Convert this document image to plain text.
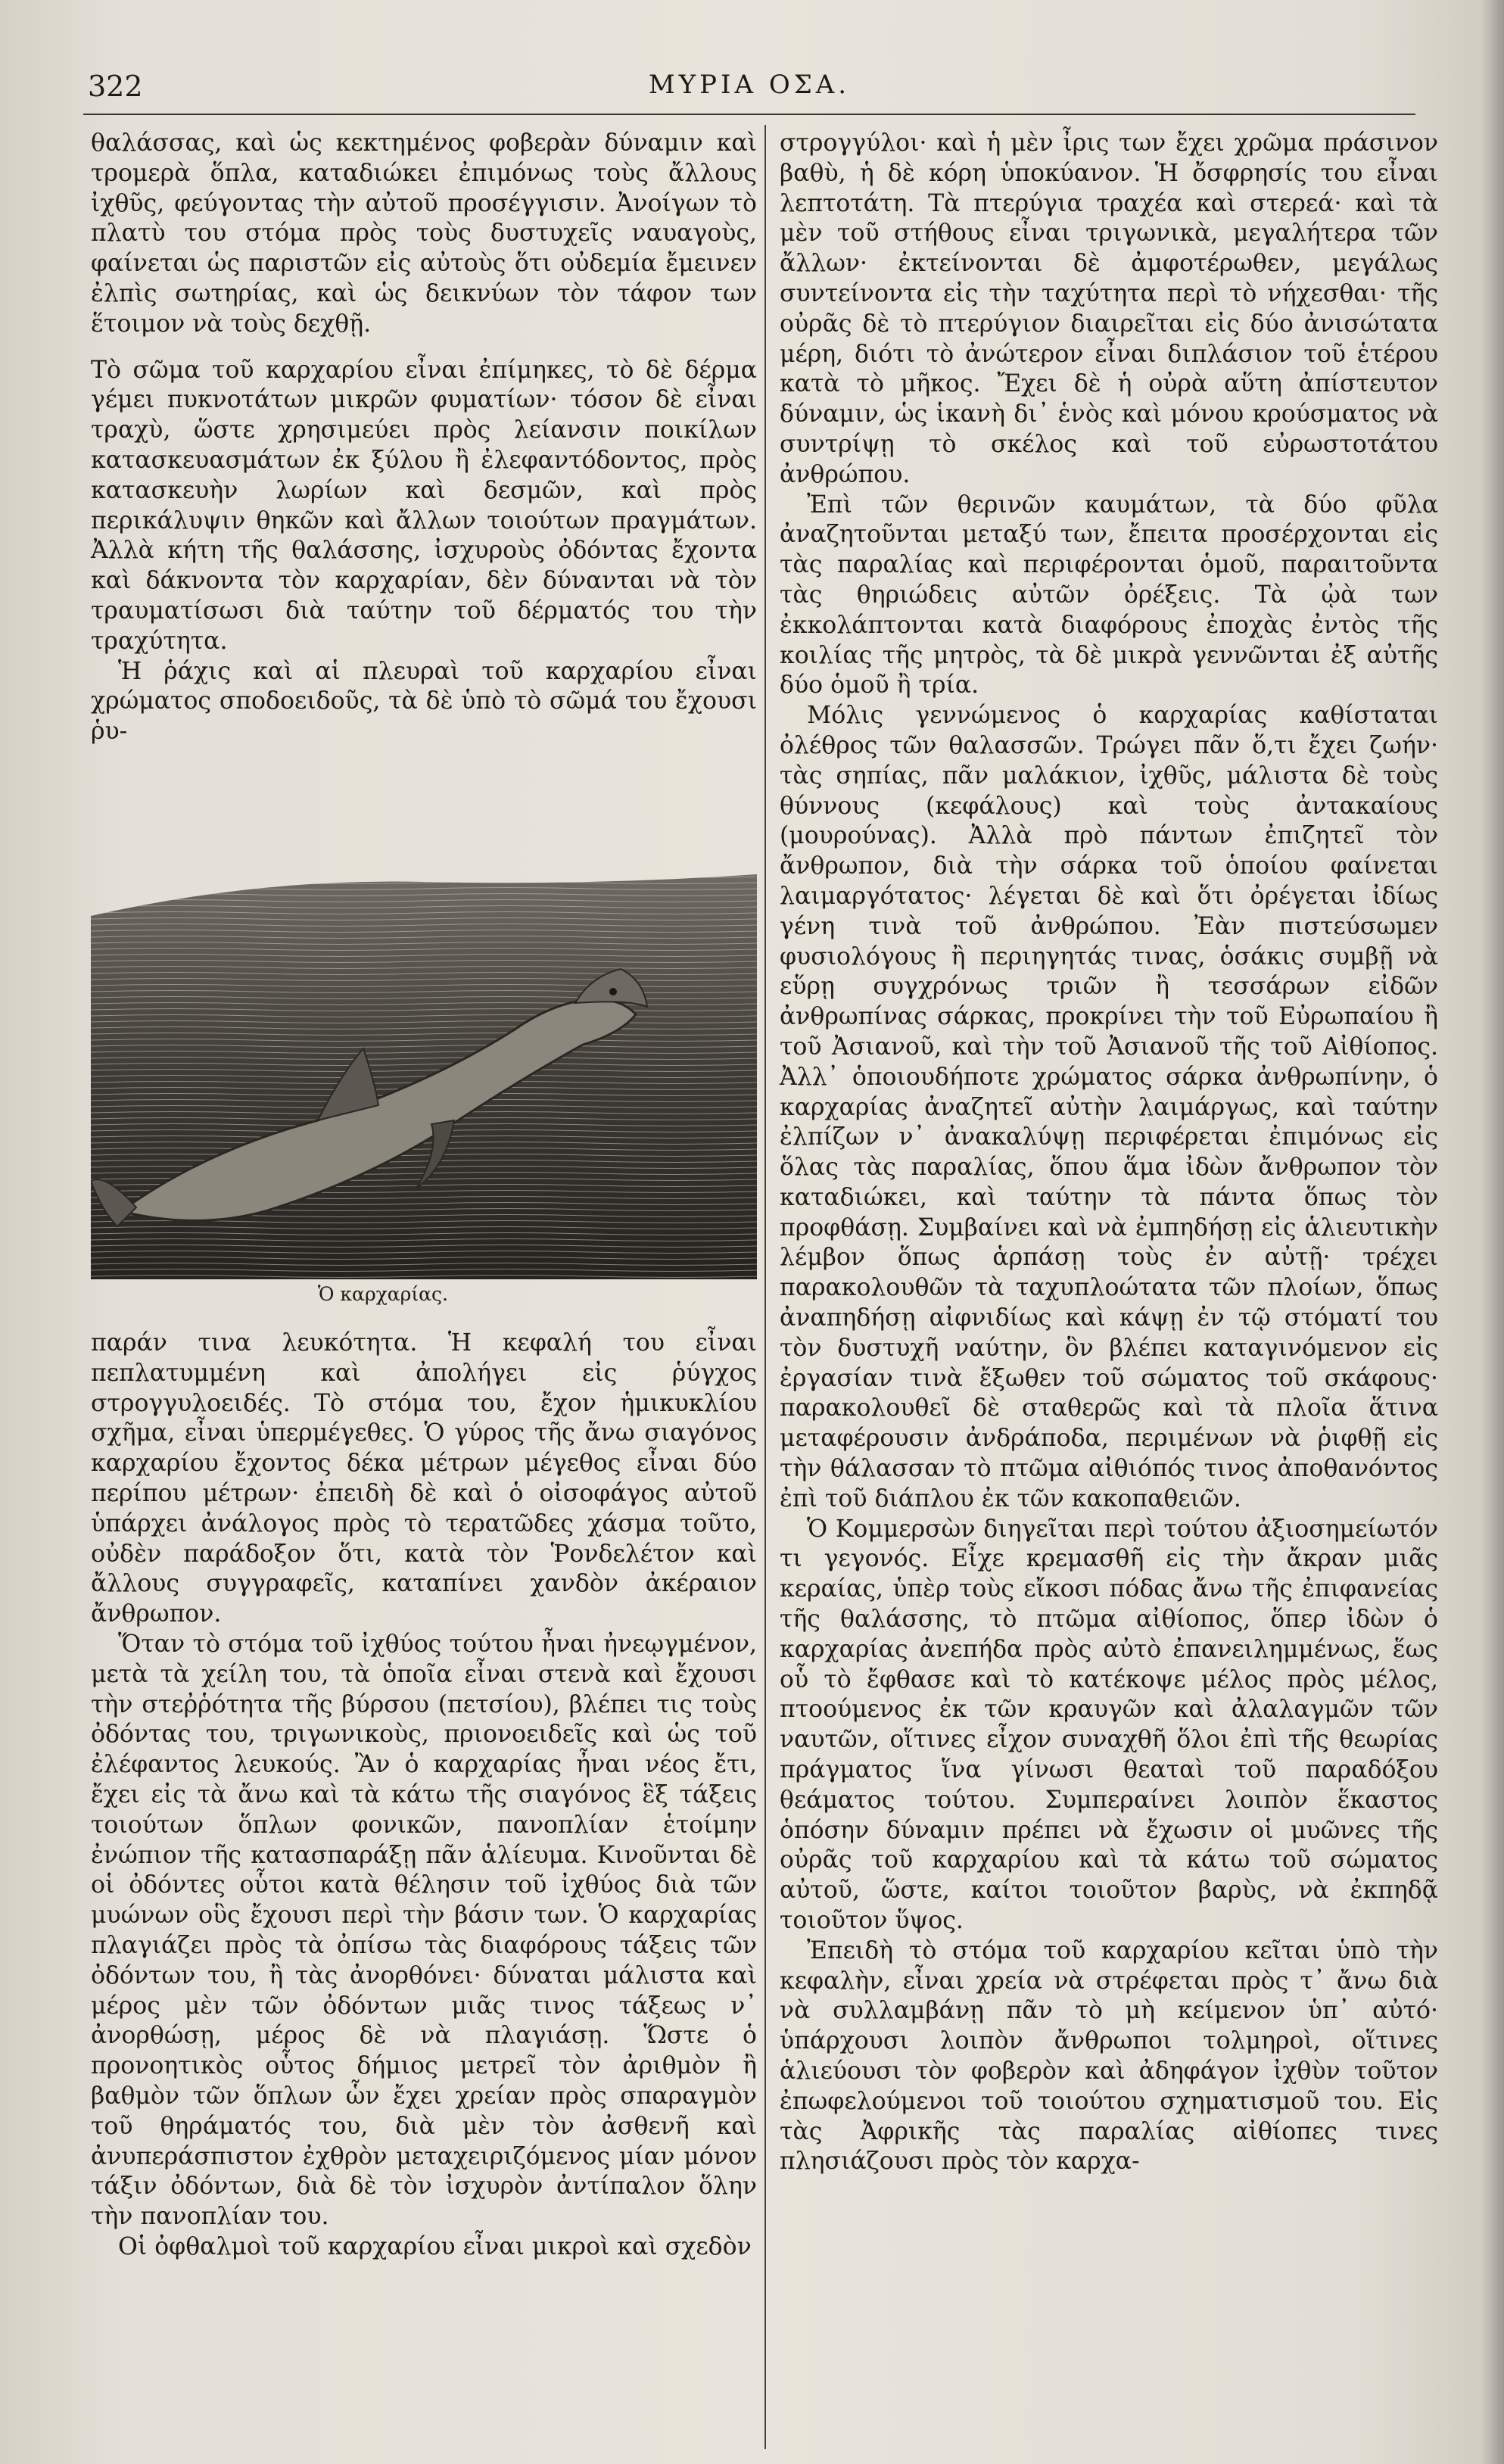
322	ΜΥΡΙΑ ΟΣΑ.

θαλάσσας, καὶ ὡς κεκτημένος φοβερὰν δύναμιν καὶ τρομερὰ ὅπλα, καταδιώκει ἐπιμόνως τοὺς ἄλλους ἰχθῦς, φεύγοντας τὴν αὐτοῦ προσέγγισιν. Ἀνοίγων τὸ πλατὺ του στόμα πρὸς τοὺς δυστυχεῖς ναυαγοὺς, φαίνεται ὡς παριστῶν εἰς αὐτοὺς ὅτι οὐδεμία ἔμεινεν ἐλπὶς σωτηρίας, καὶ ὡς δεικνύων τὸν τάφον των ἕτοιμον νὰ τοὺς δεχθῇ.

Τὸ σῶμα τοῦ καρχαρίου εἶναι ἐπίμηκες, τὸ δὲ δέρμα γέμει πυκνοτάτων μικρῶν φυματίων· τόσον δὲ εἶναι τραχὺ, ὥστε χρησιμεύει πρὸς λείανσιν ποικίλων κατασκευασμάτων ἐκ ξύλου ἢ ἐλεφαντόδοντος, πρὸς κατασκευὴν λωρίων καὶ δεσμῶν, καὶ πρὸς περικάλυψιν θηκῶν καὶ ἄλλων τοιούτων πραγμάτων. Ἀλλὰ κήτη τῆς θαλάσσης, ἰσχυροὺς ὀδόντας ἔχοντα καὶ δάκνοντα τὸν καρχαρίαν, δὲν δύνανται νὰ τὸν τραυματίσωσι διὰ ταύτην τοῦ δέρματός του τὴν τραχύτητα.

Ἡ ῥάχις καὶ αἱ πλευραὶ τοῦ καρχαρίου εἶναι χρώματος σποδοειδοῦς, τὰ δὲ ὑπὸ τὸ σῶμά του ἔχουσι ῥυ-

Ὁ καρχαρίας.

παράν τινα λευκότητα. Ἡ κεφαλή του εἶναι πεπλατυμμένη καὶ ἀπολήγει εἰς ῥύγχος στρογγυλοειδές. Τὸ στόμα του, ἔχον ἡμικυκλίου σχῆμα, εἶναι ὑπερμέγεθες. Ὁ γύρος τῆς ἄνω σιαγόνος καρχαρίου ἔχοντος δέκα μέτρων μέγεθος εἶναι δύο περίπου μέτρων· ἐπειδὴ δὲ καὶ ὁ οἰσοφάγος αὐτοῦ ὑπάρχει ἀνάλογος πρὸς τὸ τερατῶδες χάσμα τοῦτο, οὐδὲν παράδοξον ὅτι, κατὰ τὸν Ῥονδελέτον καὶ ἄλλους συγγραφεῖς, καταπίνει χανδὸν ἀκέραιον ἄνθρωπον.

Ὅταν τὸ στόμα τοῦ ἰχθύος τούτου ἦναι ἠνεῳγμένον, μετὰ τὰ χείλη του, τὰ ὁποῖα εἶναι στενὰ καὶ ἔχουσι τὴν στεῤῥότητα τῆς βύρσου (πετσίου), βλέπει τις τοὺς ὀδόντας του, τριγωνικοὺς, πριονοειδεῖς καὶ ὡς τοῦ ἐλέφαντος λευκούς. Ἂν ὁ καρχαρίας ἦναι νέος ἔτι, ἔχει εἰς τὰ ἄνω καὶ τὰ κάτω τῆς σιαγόνος ἓξ τάξεις τοιούτων ὅπλων φονικῶν, πανοπλίαν ἑτοίμην ἐνώπιον τῆς κατασπαράξῃ πᾶν ἁλίευμα. Κινοῦνται δὲ οἱ ὀδόντες οὗτοι κατὰ θέλησιν τοῦ ἰχθύος διὰ τῶν μυώνων οὓς ἔχουσι περὶ τὴν βάσιν των. Ὁ καρχαρίας πλαγιάζει πρὸς τὰ ὀπίσω τὰς διαφόρους τάξεις τῶν ὀδόντων του, ἢ τὰς ἀνορθόνει· δύναται μάλιστα καὶ μέρος μὲν τῶν ὀδόντων μιᾶς τινος τάξεως ν᾽ ἀνορθώσῃ, μέρος δὲ νὰ πλαγιάσῃ. Ὥστε ὁ προνοητικὸς οὗτος δήμιος μετρεῖ τὸν ἀριθμὸν ἢ βαθμὸν τῶν ὅπλων ὧν ἔχει χρείαν πρὸς σπαραγμὸν τοῦ θηράματός του, διὰ μὲν τὸν ἀσθενῆ καὶ ἀνυπεράσπιστον ἐχθρὸν μεταχειριζόμενος μίαν μόνον τάξιν ὀδόντων, διὰ δὲ τὸν ἰσχυρὸν ἀντίπαλον ὅλην τὴν πανοπλίαν του.

Οἱ ὀφθαλμοὶ τοῦ καρχαρίου εἶναι μικροὶ καὶ σχεδὸν

στρογγύλοι· καὶ ἡ μὲν ἶρις των ἔχει χρῶμα πράσινον βαθὺ, ἡ δὲ κόρη ὑποκύανον. Ἡ ὄσφρησίς του εἶναι λεπτοτάτη. Τὰ πτερύγια τραχέα καὶ στερεά· καὶ τὰ μὲν τοῦ στήθους εἶναι τριγωνικὰ, μεγαλήτερα τῶν ἄλλων· ἐκτείνονται δὲ ἀμφοτέρωθεν, μεγάλως συντείνοντα εἰς τὴν ταχύτητα περὶ τὸ νήχεσθαι· τῆς οὐρᾶς δὲ τὸ πτερύγιον διαιρεῖται εἰς δύο ἀνισώτατα μέρη, διότι τὸ ἀνώτερον εἶναι διπλάσιον τοῦ ἑτέρου κατὰ τὸ μῆκος. Ἔχει δὲ ἡ οὐρὰ αὕτη ἀπίστευτον δύναμιν, ὡς ἱκανὴ δι᾽ ἑνὸς καὶ μόνου κρούσματος νὰ συντρίψῃ τὸ σκέλος καὶ τοῦ εὐρωστοτάτου ἀνθρώπου.

Ἐπὶ τῶν θερινῶν καυμάτων, τὰ δύο φῦλα ἀναζητοῦνται μεταξύ των, ἔπειτα προσέρχονται εἰς τὰς παραλίας καὶ περιφέρονται ὁμοῦ, παραιτοῦντα τὰς θηριώδεις αὐτῶν ὀρέξεις. Τὰ ᾠὰ των ἐκκολάπτονται κατὰ διαφόρους ἐποχὰς ἐντὸς τῆς κοιλίας τῆς μητρὸς, τὰ δὲ μικρὰ γεννῶνται ἐξ αὐτῆς δύο ὁμοῦ ἢ τρία.

Μόλις γεννώμενος ὁ καρχαρίας καθίσταται ὀλέθρος τῶν θαλασσῶν. Τρώγει πᾶν ὅ,τι ἔχει ζωήν· τὰς σηπίας, πᾶν μαλάκιον, ἰχθῦς, μάλιστα δὲ τοὺς θύννους (κεφάλους) καὶ τοὺς ἀντακαίους (μουρούνας). Ἀλλὰ πρὸ πάντων ἐπιζητεῖ τὸν ἄνθρωπον, διὰ τὴν σάρκα τοῦ ὁποίου φαίνεται λαιμαργότατος· λέγεται δὲ καὶ ὅτι ὀρέγεται ἰδίως γένη τινὰ τοῦ ἀνθρώπου. Ἐὰν πιστεύσωμεν φυσιολόγους ἢ περιηγητάς τινας, ὁσάκις συμβῇ νὰ εὕρῃ συγχρόνως τριῶν ἢ τεσσάρων εἰδῶν ἀνθρωπίνας σάρκας, προκρίνει τὴν τοῦ Εὐρωπαίου ἢ τοῦ Ἀσιανοῦ, καὶ τὴν τοῦ Ἀσιανοῦ τῆς τοῦ Αἰθίοπος. Ἀλλ᾽ ὁποιουδήποτε χρώματος σάρκα ἀνθρωπίνην, ὁ καρχαρίας ἀναζητεῖ αὐτὴν λαιμάργως, καὶ ταύτην ἐλπίζων ν᾽ ἀνακαλύψῃ περιφέρεται ἐπιμόνως εἰς ὅλας τὰς παραλίας, ὅπου ἅμα ἰδὼν ἄνθρωπον τὸν καταδιώκει, καὶ ταύτην τὰ πάντα ὅπως τὸν προφθάσῃ. Συμβαίνει καὶ νὰ ἐμπηδήσῃ εἰς ἁλιευτικὴν λέμβον ὅπως ἁρπάσῃ τοὺς ἐν αὐτῇ· τρέχει παρακολουθῶν τὰ ταχυπλοώτατα τῶν πλοίων, ὅπως ἀναπηδήσῃ αἰφνιδίως καὶ κάψῃ ἐν τῷ στόματί του τὸν δυστυχῆ ναύτην, ὃν βλέπει καταγινόμενον εἰς ἐργασίαν τινὰ ἔξωθεν τοῦ σώματος τοῦ σκάφους· παρακολουθεῖ δὲ σταθερῶς καὶ τὰ πλοῖα ἅτινα μεταφέρουσιν ἀνδράποδα, περιμένων νὰ ῥιφθῇ εἰς τὴν θάλασσαν τὸ πτῶμα αἰθιόπός τινος ἀποθανόντος ἐπὶ τοῦ διάπλου ἐκ τῶν κακοπαθειῶν.

Ὁ Κομμερσὼν διηγεῖται περὶ τούτου ἀξιοσημείωτόν τι γεγονός. Εἶχε κρεμασθῆ εἰς τὴν ἄκραν μιᾶς κεραίας, ὑπὲρ τοὺς εἴκοσι πόδας ἄνω τῆς ἐπιφανείας τῆς θαλάσσης, τὸ πτῶμα αἰθίοπος, ὅπερ ἰδὼν ὁ καρχαρίας ἀνεπήδα πρὸς αὐτὸ ἐπανειλημμένως, ἕως οὗ τὸ ἔφθασε καὶ τὸ κατέκοψε μέλος πρὸς μέλος, πτοούμενος ἐκ τῶν κραυγῶν καὶ ἀλαλαγμῶν τῶν ναυτῶν, οἵτινες εἶχον συναχθῆ ὅλοι ἐπὶ τῆς θεωρίας πράγματος ἵνα γίνωσι θεαταὶ τοῦ παραδόξου θεάματος τούτου. Συμπεραίνει λοιπὸν ἕκαστος ὁπόσην δύναμιν πρέπει νὰ ἔχωσιν οἱ μυῶνες τῆς οὐρᾶς τοῦ καρχαρίου καὶ τὰ κάτω τοῦ σώματος αὐτοῦ, ὥστε, καίτοι τοιοῦτον βαρὺς, νὰ ἐκπηδᾷ τοιοῦτον ὕψος.

Ἐπειδὴ τὸ στόμα τοῦ καρχαρίου κεῖται ὑπὸ τὴν κεφαλὴν, εἶναι χρεία νὰ στρέφεται πρὸς τ᾽ ἄνω διὰ νὰ συλλαμβάνῃ πᾶν τὸ μὴ κείμενον ὑπ᾽ αὐτό· ὑπάρχουσι λοιπὸν ἄνθρωποι τολμηροὶ, οἵτινες ἁλιεύουσι τὸν φοβερὸν καὶ ἀδηφάγον ἰχθὺν τοῦτον ἐπωφελούμενοι τοῦ τοιούτου σχηματισμοῦ του. Εἰς τὰς Ἀφρικῆς τὰς παραλίας αἰθίοπες τινες πλησιάζουσι πρὸς τὸν καρχα-
